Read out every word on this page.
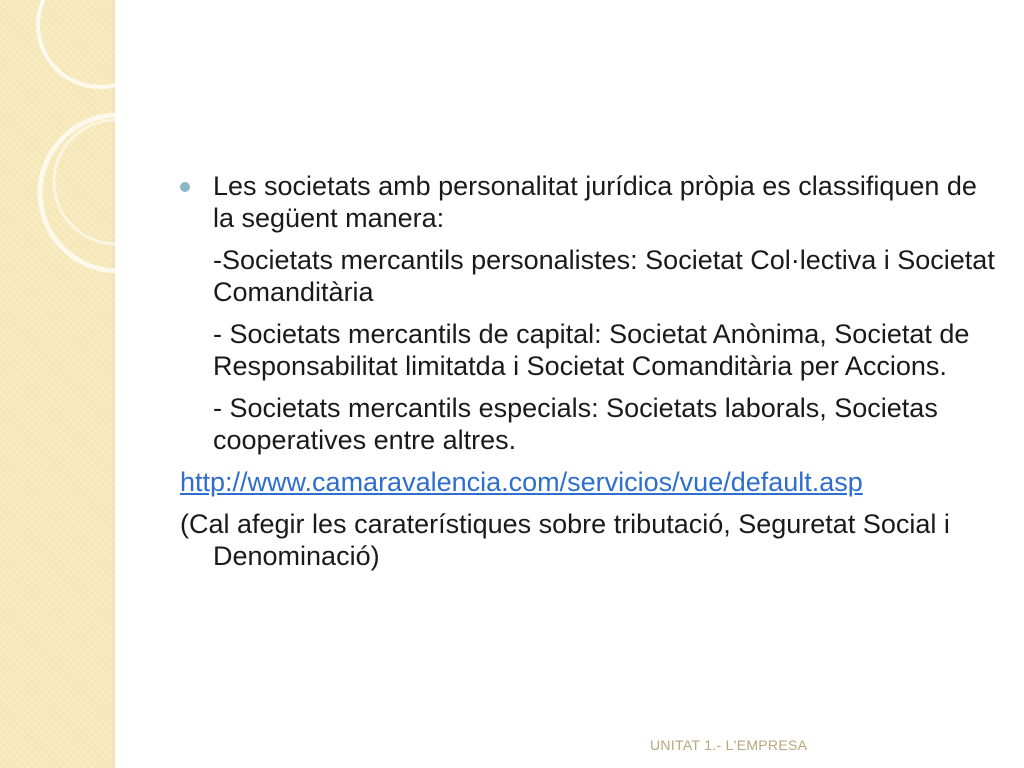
Les societats amb personalitat jurídica pròpia es classifiquen de la següent manera:

-Societats mercantils personalistes: Societat Col·lectiva i Societat Comanditària

- Societats mercantils de capital: Societat Anònima, Societat de Responsabilitat limitatda i Societat Comanditària per Accions.

- Societats mercantils especials: Societats laborals, Societas cooperatives entre altres.

http://www.camaravalencia.com/servicios/vue/default.asp

(Cal afegir les caraterístiques sobre tributació, Seguretat Social i Denominació)

UNITAT 1.- L'EMPRESA
